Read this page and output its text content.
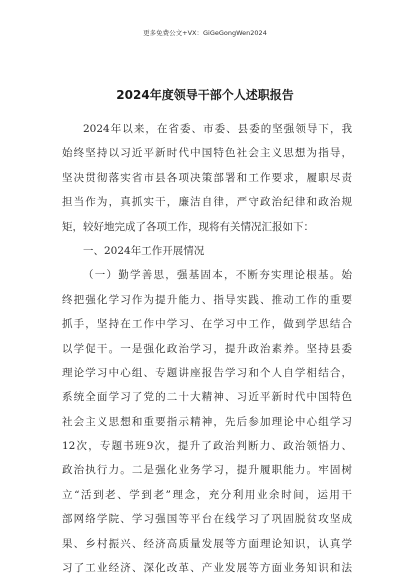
更多免费公文+VX：GiGeGongWen2024
2024年度领导干部个人述职报告
2024年以来，在省委、市委、县委的坚强领导下，我
始终坚持以习近平新时代中国特色社会主义思想为指导，
坚决贯彻落实省市县各项决策部署和工作要求，履职尽责
担当作为，真抓实干，廉洁自律，严守政治纪律和政治规
矩，较好地完成了各项工作，现将有关情况汇报如下：
一、2024年工作开展情况
（一）勤学善思，强基固本，不断夯实理论根基。始
终把强化学习作为提升能力、指导实践、推动工作的重要
抓手，坚持在工作中学习、在学习中工作，做到学思结合
以学促干。一是强化政治学习，提升政治素养。坚持县委
理论学习中心组、专题讲座报告学习和个人自学相结合，
系统全面学习了党的二十大精神、习近平新时代中国特色
社会主义思想和重要指示精神，先后参加理论中心组学习
12次，专题书班9次，提升了政治判断力、政治领悟力、
政治执行力。二是强化业务学习，提升履职能力。牢固树
立“活到老、学到老”理念，充分利用业余时间，运用干
部网络学院、学习强国等平台在线学习了巩固脱贫攻坚成
果、乡村振兴、经济高质量发展等方面理论知识，认真学
习了工业经济、深化改革、产业发展等方面业务知识和法
